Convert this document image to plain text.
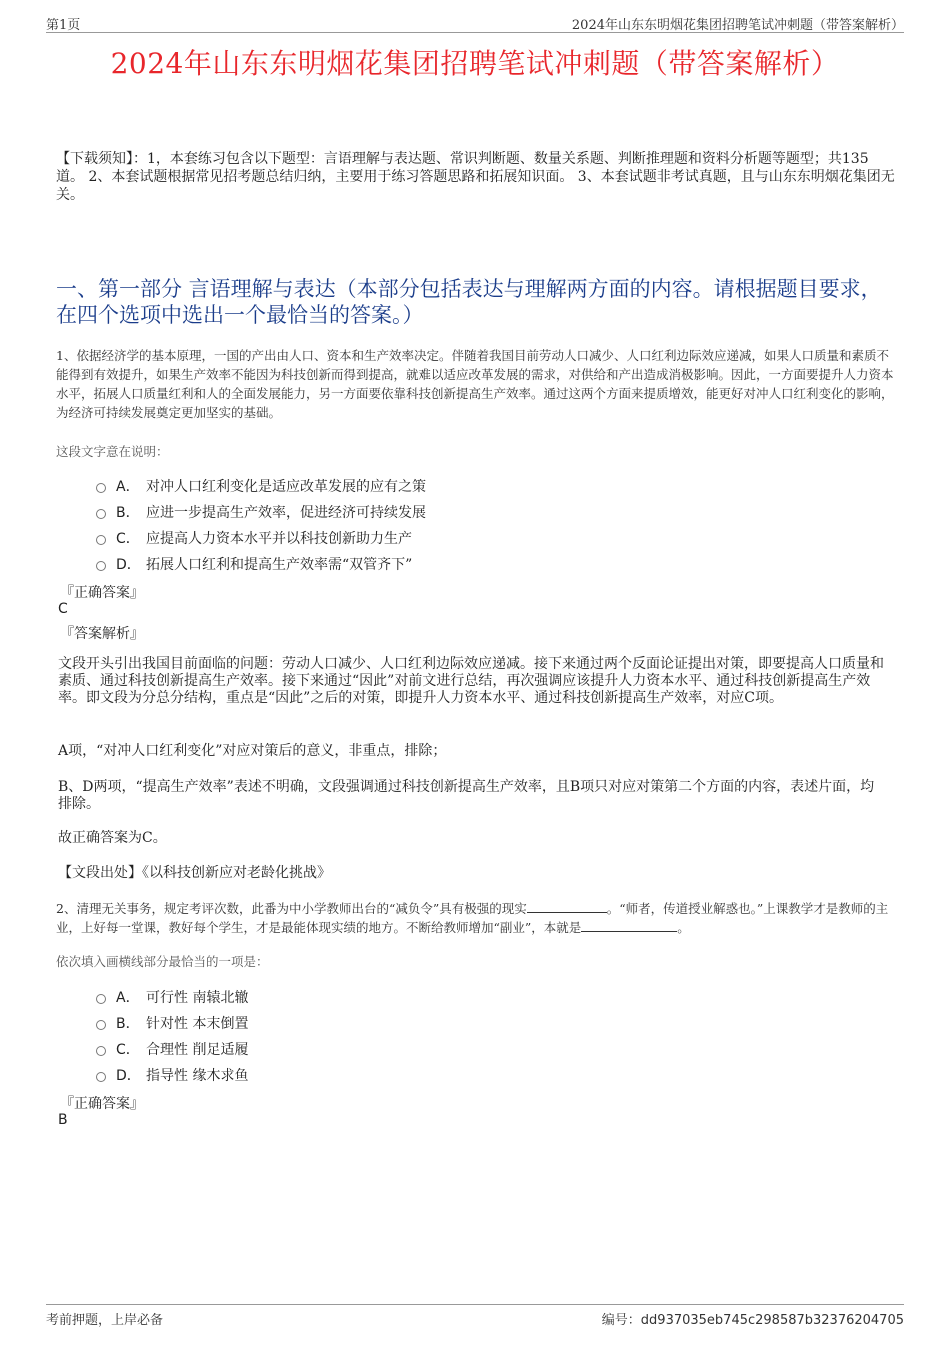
第1页	2024年山东东明烟花集团招聘笔试冲刺题（带答案解析）
2024年山东东明烟花集团招聘笔试冲刺题（带答案解析）
【下载须知】：1，本套练习包含以下题型：言语理解与表达题、常识判断题、数量关系题、判断推理题和资料分析题等题型；共135道。 2、本套试题根据常见招考题总结归纳，主要用于练习答题思路和拓展知识面。 3、本套试题非考试真题，且与山东东明烟花集团无关。
一、第一部分 言语理解与表达（本部分包括表达与理解两方面的内容。请根据题目要求，在四个选项中选出一个最恰当的答案。）
1、依据经济学的基本原理，一国的产出由人口、资本和生产效率决定。伴随着我国目前劳动人口减少、人口红利边际效应递减，如果人口质量和素质不能得到有效提升，如果生产效率不能因为科技创新而得到提高，就难以适应改革发展的需求，对供给和产出造成消极影响。因此，一方面要提升人力资本水平，拓展人口质量红利和人的全面发展能力，另一方面要依靠科技创新提高生产效率。通过这两个方面来提质增效，能更好对冲人口红利变化的影响，为经济可持续发展奠定更加坚实的基础。
这段文字意在说明：
A． 对冲人口红利变化是适应改革发展的应有之策
B． 应进一步提高生产效率，促进经济可持续发展
C． 应提高人力资本水平并以科技创新助力生产
D． 拓展人口红利和提高生产效率需“双管齐下”
『正确答案』
C
『答案解析』
文段开头引出我国目前面临的问题：劳动人口减少、人口红利边际效应递减。接下来通过两个反面论证提出对策，即要提高人口质量和素质、通过科技创新提高生产效率。接下来通过“因此”对前文进行总结，再次强调应该提升人力资本水平、通过科技创新提高生产效率。即文段为分总分结构，重点是“因此”之后的对策，即提升人力资本水平、通过科技创新提高生产效率，对应C项。
A项，“对冲人口红利变化”对应对策后的意义，非重点，排除；
B、D两项，“提高生产效率”表述不明确，文段强调通过科技创新提高生产效率，且B项只对应对策第二个方面的内容，表述片面，均排除。
故正确答案为C。
【文段出处】《以科技创新应对老龄化挑战》
2、清理无关事务，规定考评次数，此番为中小学教师出台的“减负令”具有极强的现实	。“师者，传道授业解惑也。”上课教学才是教师的主业，上好每一堂课，教好每个学生，才是最能体现实绩的地方。不断给教师增加“副业”，本就是	。
依次填入画横线部分最恰当的一项是：
A． 可行性 南辕北辙
B． 针对性 本末倒置
C． 合理性 削足适履
D． 指导性 缘木求鱼
『正确答案』
B
考前押题，上岸必备	编号：dd937035eb745c298587b32376204705
